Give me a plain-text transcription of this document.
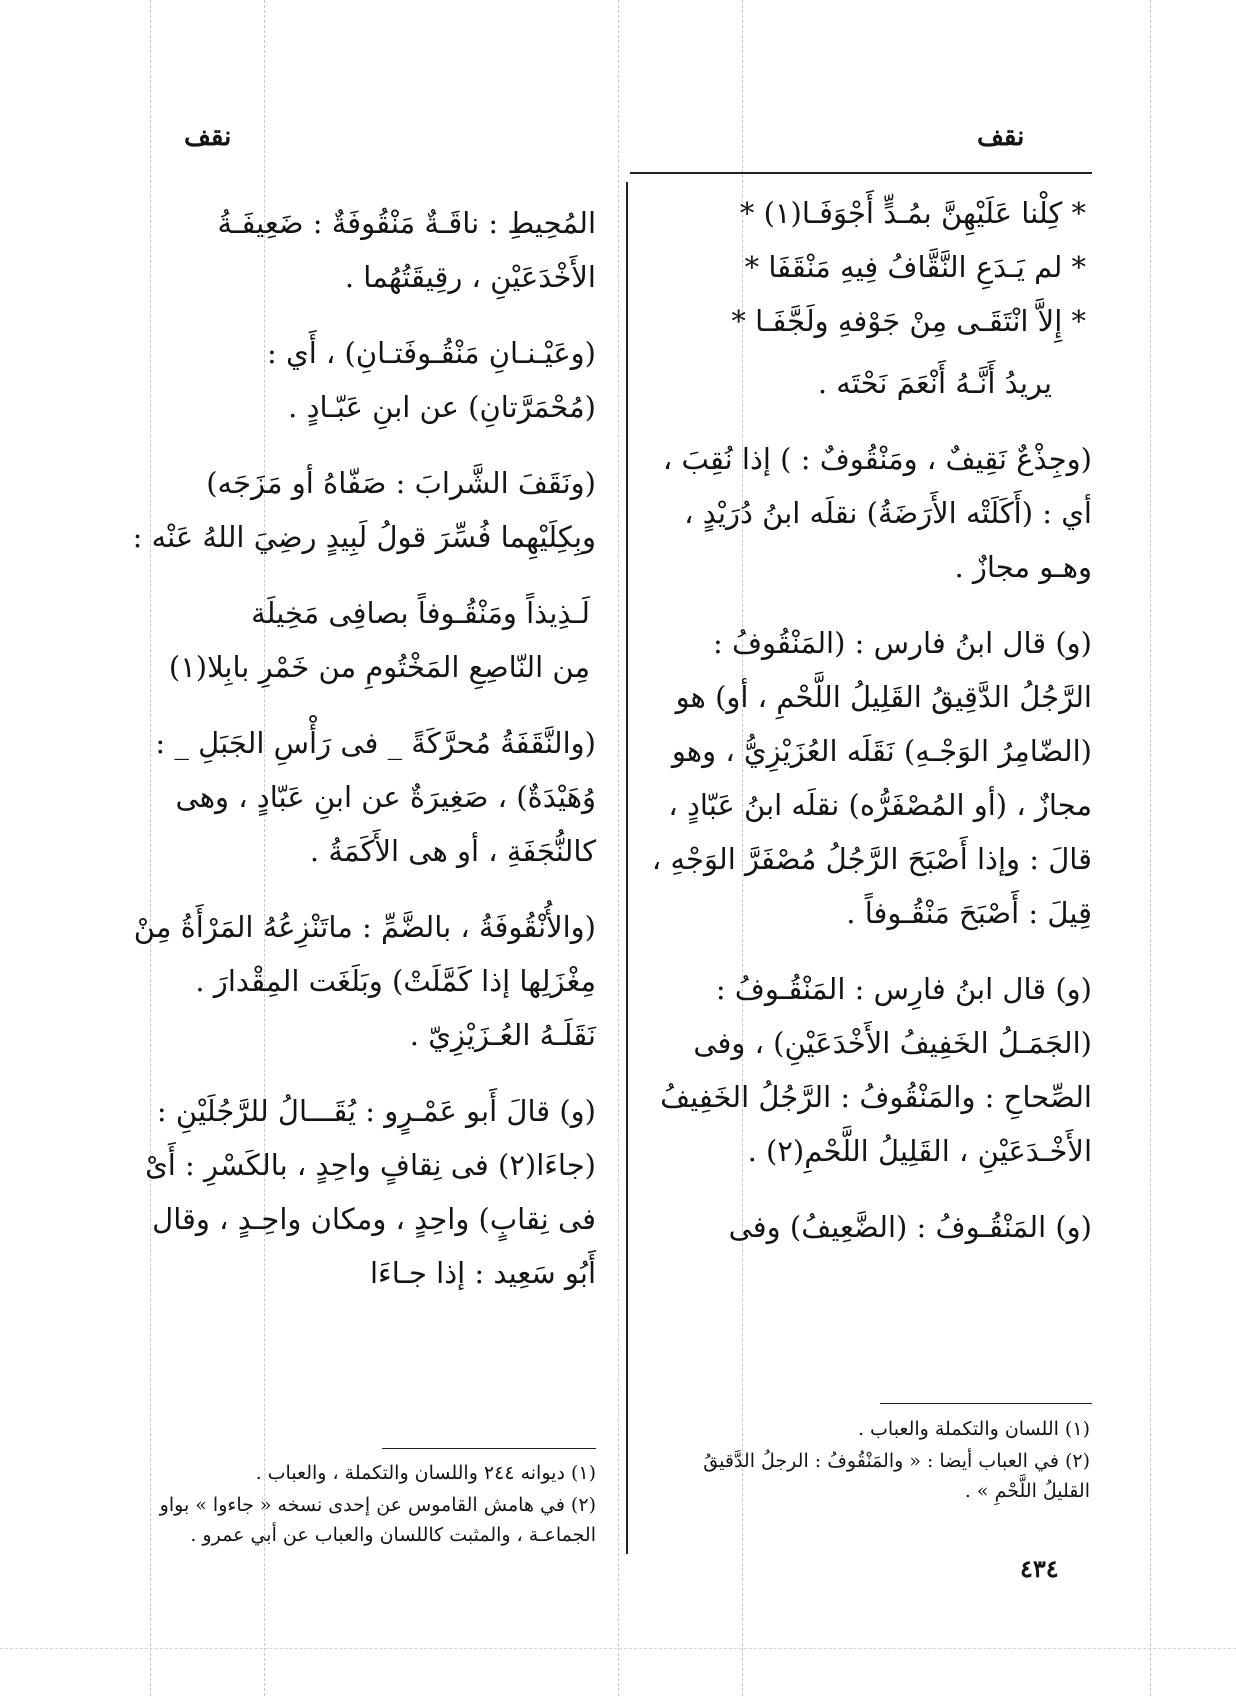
نقف
نقف

* كِلْنا عَلَيْهِنَّ بمُـدٍّ أَجْوَفَـا(١) *

* لم يَـدَعِ النَّقَّافُ فِيهِ مَنْقَفَا *

* إِلاَّ انْتَقَـى مِنْ جَوْفهِ ولَجَّفَـا *

يريدُ أَنَّـهُ أَنْعَمَ نَحْتَه .

(وجِذْعٌ نَقِيفٌ ، ومَنْقُوفٌ : ) إذا نُقِبَ ، أي : (أَكَلَتْه الأَرَضَةُ) نقلَه ابنُ دُرَيْدٍ ، وهـو مجازٌ .

(و) قال ابنُ فارس : (المَنْقُوفُ : الرَّجُلُ الدَّقِيقُ القَلِيلُ اللَّحْمِ ، أو) هو (الضّامِرُ الوَجْـهِ) نَقَلَه العُزَيْزِيُّ ، وهو مجازٌ ، (أو المُصْفَرُّه) نقلَه ابنُ عَبّادٍ ، قالَ : وإذا أَصْبَحَ الرَّجُلُ مُصْفَرَّ الوَجْهِ ، قِيلَ : أَصْبَحَ مَنْقُـوفاً .

(و) قال ابنُ فارِس : المَنْقُـوفُ : (الجَمَـلُ الخَفِيفُ الأَخْدَعَيْنِ) ، وفى الصِّحاحِ : والمَنْقُوفُ : الرَّجُلُ الخَفِيفُ الأَخْـدَعَيْنِ ، القَلِيلُ اللَّحْمِ(٢) .

(و) المَنْقُـوفُ : (الضَّعِيفُ) وفى

المُحِيطِ : ناقَـةٌ مَنْقُوفَةٌ : ضَعِيفَـةُ الأَخْدَعَيْنِ ، رقِيقَتُهُما .

(وعَيْـنـانِ مَنْقُـوفَتـانِ) ، أَي : (مُحْمَرَّتانِ) عن ابنِ عَبّـادٍ .

(ونَقَفَ الشَّرابَ : صَفّاهُ أو مَزَجَه) وبِكِلَيْهِما فُسِّرَ قولُ لَبِيدٍ رضِيَ اللهُ عَنْه :

لَـذِيذاً ومَنْقُـوفاً بصافِى مَخِيلَة

مِن النّاصِعِ المَخْتُومِ من خَمْرِ بابِلا(١)

(والنَّقَفَةُ مُحرَّكَةً _ فى رَأْسِ الجَبَلِ _ : وُهَيْدَةٌ) ، صَغِيرَةٌ عن ابنِ عَبّادٍ ، وهى كالنُّجَفَةِ ، أو هى الأَكَمَةُ .

(والأُنْقُوفَةُ ، بالضَّمِّ : ماتَنْزِعُهُ المَرْأَةُ مِنْ مِغْزَلِها إذا كَمَّلَتْ) وبَلَغَت المِقْدارَ . نَقَلَـهُ العُـزَيْزِيّ .

(و) قالَ أَبو عَمْـرٍو : يُقَـــالُ للرَّجُلَيْنِ : (جاءَا(٢) فى نِقافٍ واحِدٍ ، بالكَسْرِ : أَىْ فى نِقابٍ) واحِدٍ ، ومكان واحِـدٍ ، وقال أَبُو سَعِيد : إذا جـاءَا

(١) اللسان والتكملة والعباب .

(٢) في العباب أيضا : « والمَنْقُوفُ : الرجلُ الدَّقيقُ القليلُ اللَّحْمِ » .

(١) ديوانه ٢٤٤ واللسان والتكملة ، والعباب .

(٢) في هامش القاموس عن إحدى نسخه « جاءوا » بواو الجماعـة ، والمثبت كاللسان والعباب عن أبي عمرو .

٤٣٤
